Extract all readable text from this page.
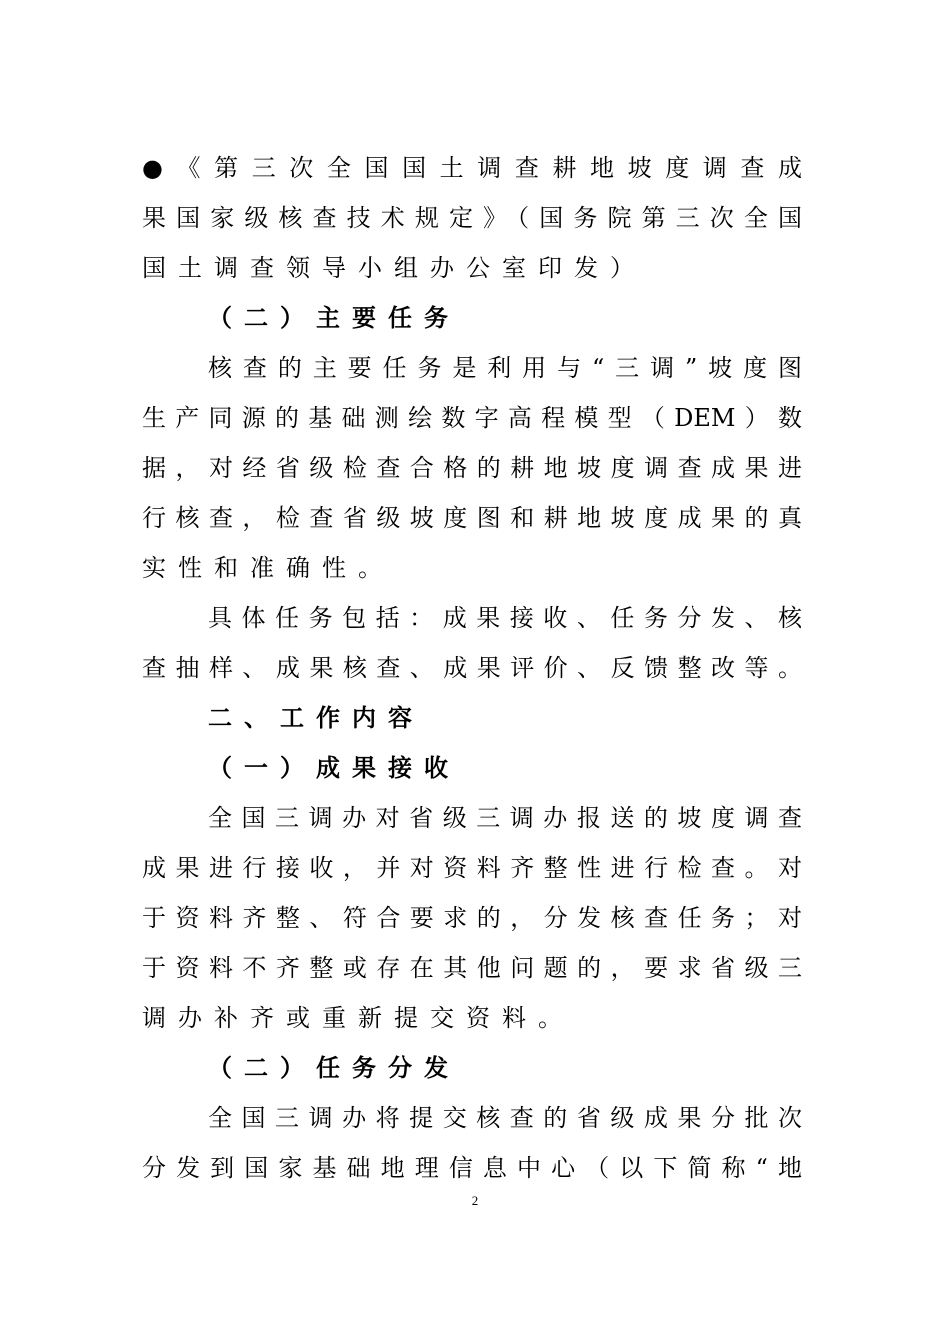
●《第三次全国国土调查耕地坡度调查成
果国家级核查技术规定》（国务院第三次全国
国土调查领导小组办公室印发）
（二）主要任务
核查的主要任务是利用与“三调”坡度图
生产同源的基础测绘数字高程模型（DEM）数
据，对经省级检查合格的耕地坡度调查成果进
行核查，检查省级坡度图和耕地坡度成果的真
实性和准确性。
具体任务包括：成果接收、任务分发、核
查抽样、成果核查、成果评价、反馈整改等。
二、工作内容
（一）成果接收
全国三调办对省级三调办报送的坡度调查
成果进行接收，并对资料齐整性进行检查。对
于资料齐整、符合要求的，分发核查任务；对
于资料不齐整或存在其他问题的，要求省级三
调办补齐或重新提交资料。
（二）任务分发
全国三调办将提交核查的省级成果分批次
分发到国家基础地理信息中心（以下简称“地
2
